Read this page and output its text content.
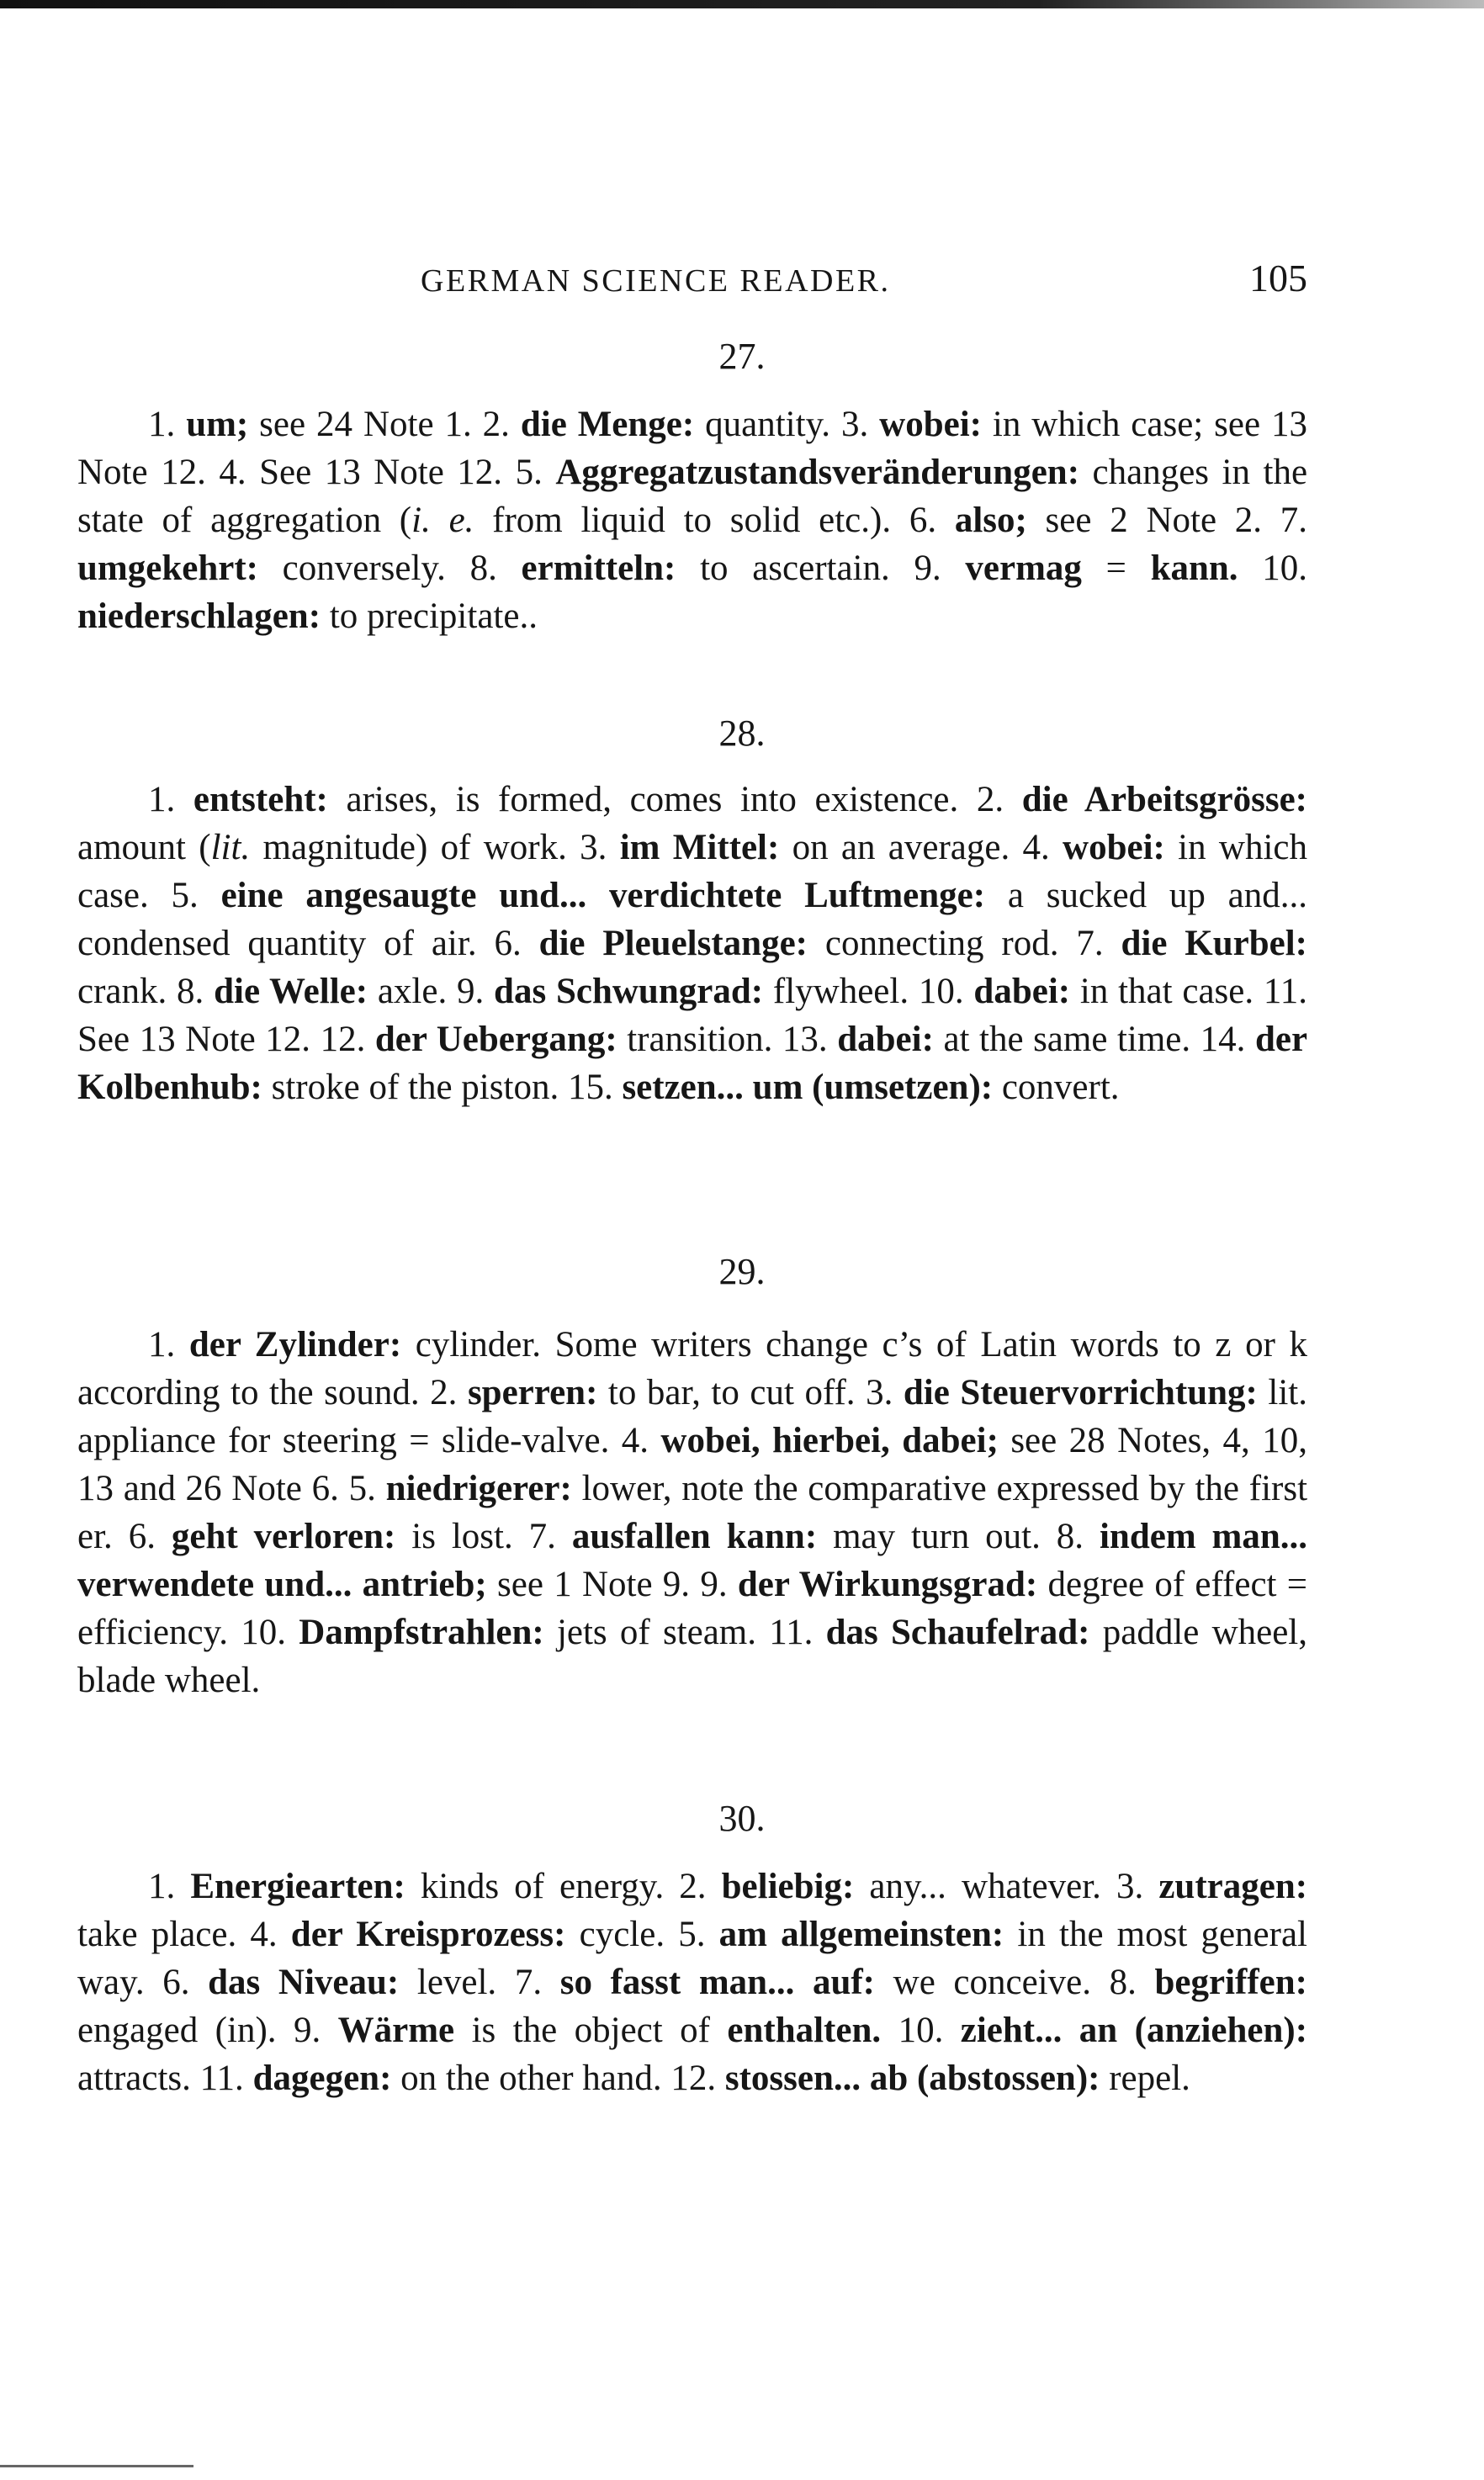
GERMAN SCIENCE READER.	105
27.

1. um; see 24 Note 1. 2. die Menge: quantity. 3. wobei: in which case; see 13 Note 12. 4. See 13 Note 12. 5. Aggregatzustandsveränderungen: changes in the state of aggregation (i. e. from liquid to solid etc.). 6. also; see 2 Note 2. 7. umgekehrt: conversely. 8. ermitteln: to ascertain. 9. vermag = kann. 10. niederschlagen: to precipitate..

28.

1. entsteht: arises, is formed, comes into existence. 2. die Arbeitsgrösse: amount (lit. magnitude) of work. 3. im Mittel: on an average. 4. wobei: in which case. 5. eine angesaugte und... verdichtete Luftmenge: a sucked up and... condensed quantity of air. 6. die Pleuelstange: connecting rod. 7. die Kurbel: crank. 8. die Welle: axle. 9. das Schwungrad: flywheel. 10. dabei: in that case. 11. See 13 Note 12. 12. der Uebergang: transition. 13. dabei: at the same time. 14. der Kolbenhub: stroke of the piston. 15. setzen... um (umsetzen): convert.

29.

1. der Zylinder: cylinder. Some writers change c’s of Latin words to z or k according to the sound. 2. sperren: to bar, to cut off. 3. die Steuervorrichtung: lit. appliance for steering = slide-valve. 4. wobei, hierbei, dabei; see 28 Notes, 4, 10, 13 and 26 Note 6. 5. niedrigerer: lower, note the comparative expressed by the first er. 6. geht verloren: is lost. 7. ausfallen kann: may turn out. 8. indem man... verwendete und... antrieb; see 1 Note 9. 9. der Wirkungsgrad: degree of effect = efficiency. 10. Dampfstrahlen: jets of steam. 11. das Schaufelrad: paddle wheel, blade wheel.

30.

1. Energiearten: kinds of energy. 2. beliebig: any... whatever. 3. zutragen: take place. 4. der Kreisprozess: cycle. 5. am allgemeinsten: in the most general way. 6. das Niveau: level. 7. so fasst man... auf: we conceive. 8. begriffen: engaged (in). 9. Wärme is the object of enthalten. 10. zieht... an (anziehen): attracts. 11. dagegen: on the other hand. 12. stossen... ab (abstossen): repel.
